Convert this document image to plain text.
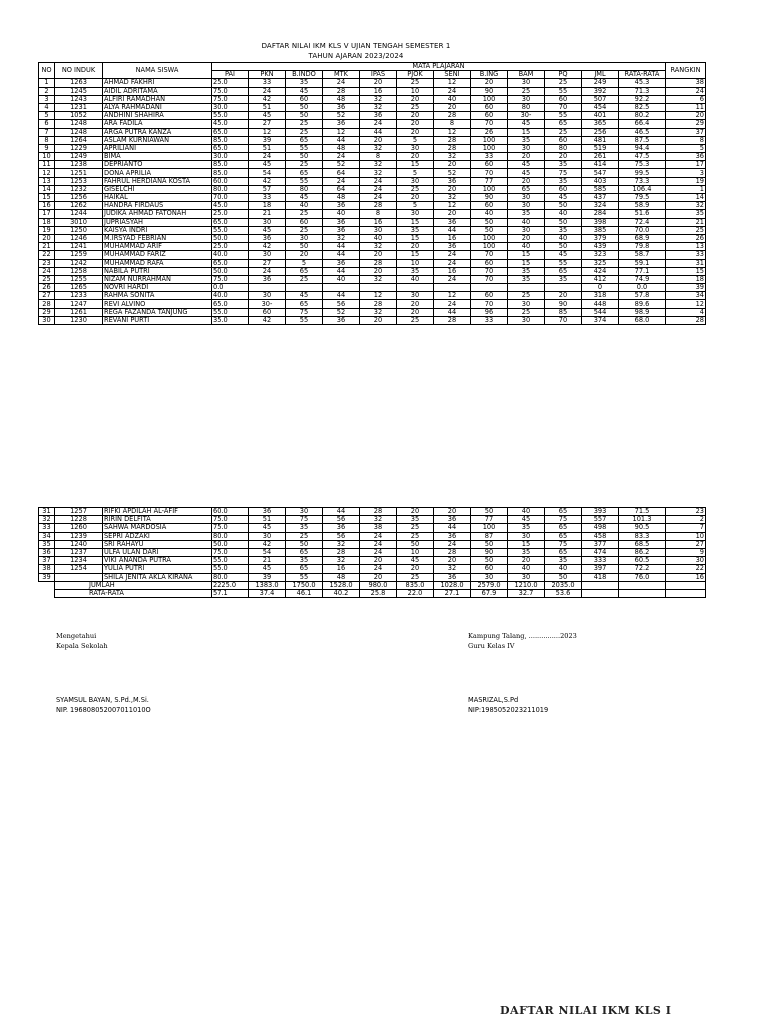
DAFTAR NILAI IKM KLS V UJIAN TENGAH SEMESTER 1
TAHUN AJARAN 2023/2024
NO	NO INDUK	NAMA SISWA	MATA PLAJARAN												RANGKIN
			PAI	PKN	B.INDO	MTK	IPAS	PJOK	SENI	B.ING	BAM	PQ	JML	RATA-RATA	
1	1263	AHMAD FAKHRI	25.0	33	35	24	20	25	12	20	30	25	249	45.3	38
2	1245	AIDIL ADRITAMA	75.0	24	45	28	16	10	24	90	25	55	392	71.3	24
3	1243	ALFIRI RAMADHAN	75.0	42	60	48	32	20	40	100	30	60	507	92.2	6
4	1231	ALYA RAHMADANI	30.0	51	50	36	32	25	20	60	80	70	454	82.5	11
5	1052	ANDHINI SHAHIRA	55.0	45	50	52	36	20	28	60	30-	55	401	80.2	20
6	1248	ARA FADILA	45.0	27	25	36	24	20	8	70	45	65	365	66.4	29
7	1248	ARGA PUTRA KANZA	65.0	12	25	12	44	20	12	26	15	25	256	46.5	37
8	1264	ASLAM KURNIAWAN	85.0	39	65	44	20	5	28	100	35	60	481	87.5	8
9	1229	APRILIANI	65.0	51	55	48	32	30	28	100	30	80	519	94.4	5
10	1249	BIMA	30.0	24	50	24	8	20	32	33	20	20	261	47.5	36
11	1238	DEPRIANTO	85.0	45	25	52	32	15	20	60	45	35	414	75.3	17
12	1251	DONA APRILIA	85.0	54	65	64	32	5	52	70	45	75	547	99.5	3
13	1253	FAHRUL HERDIANA KOSTA	60.0	42	55	24	24	30	36	77	20	35	403	73.3	19
14	1232	GISELCHI	80.0	57	80	64	24	25	20	100	65	60	585	106.4	1
15	1256	HAIKAL	70.0	33	45	48	24	20	32	90	30	45	437	79.5	14
16	1262	HANDRA FIRDAUS	45.0	18	40	36	28	5	12	60	30	50	324	58.9	32
17	1244	JUDIKA AHMAD FATONAH	25.0	21	25	40	8	30	20	40	35	40	284	51.6	35
18	3010	JUPRIASYAH	65.0	30	60	36	16	15	36	50	40	50	398	72.4	21
19	1250	KAISYA INDRI	55.0	45	25	36	30	35	44	50	30	35	385	70.0	25
20	1246	M.IRSYAD FEBRIAN	50.0	36	30	32	40	15	16	100	20	40	379	68.9	26
21	1241	MUHAMMAD ARIF	25.0	42	50	44	32	20	36	100	40	50	439	79.8	13
22	1259	MUHAMMAD FARIZ	40.0	30	20	44	20	15	24	70	15	45	323	58.7	33
23	1242	MUHAMMAD RAFA	65.0	27	5	36	28	10	24	60	15	55	325	59.1	31
24	1258	NABILA PUTRI	50.0	24	65	44	20	35	16	70	35	65	424	77.1	15
25	1255	NIZAM NURRAHMAN	75.0	36	25	40	32	40	24	70	35	35	412	74.9	18
26	1265	NOVRI HARDI	0.0										0	0.0	39
27	1233	RAHMA SONITA	40.0	30	45	44	12	30	12	60	25	20	318	57.8	34
28	1247	REVI ALVINO	65.0	30-	65	56	28	20	24	70	30	90	448	89.6	12
29	1261	REGA FAZANDA TANJUNG	55.0	60	75	52	32	20	44	96	25	85	544	98.9	4
30	1230	REVANI PURTI	35.0	42	55	36	20	25	28	33	30	70	374	68.0	28
31	1257	RIFKI APDILAH AL-AFIF	60.0	36	30	44	28	20	20	50	40	65	393	71.5	23
32	1228	RIRIN DELFITA	75.0	51	75	56	32	35	36	77	45	75	557	101.3	2
33	1260	SAHWA MARDOSIA	75.0	45	35	36	38	25	44	100	35	65	498	90.5	7
34	1239	SEPRI ADZAKI	80.0	30	25	56	24	25	36	87	30	65	458	83.3	10
35	1240	SRI RAHAYU	50.0	42	50	32	24	50	24	50	15	75	377	68.5	27
36	1237	ULFA ULAN DARI	75.0	54	65	28	24	10	28	90	35	65	474	86.2	9
37	1234	VIKI ANANDA PUTRA	55.0	21	35	32	20	45	20	50	20	35	333	60.5	30
38	1254	YULIA PUTRI	55.0	45	65	16	24	20	32	60	40	40	397	72.2	22
39		SHILA JENITA AKLA KIRANA	80.0	39	55	48	20	25	36	30	30	50	418	76.0	16
	JUMLAH		2225.0	1383.0	1750.0	1528.0	980.0	835.0	1028.0	2579.0	1210.0	2035.0			
	RATA-RATA		57.1	37.4	46.1	40.2	25.8	22.0	27.1	67.9	32.7	53.6			
Mengetahui
Kepala Sekolah
Kampung Talang, ...............2023
Guru Kelas IV
SYAMSUL BAYAN, S.Pd.,M.Si.
NIP. 196808052007011010O
MASRIZAL,S.Pd
NIP:198505202321101​9
DAFTAR NILAI IKM KLS I
